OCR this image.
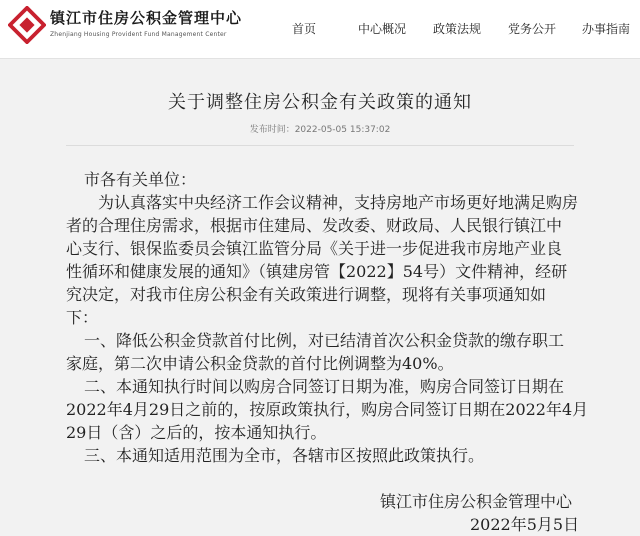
镇江市住房公积金管理中心
Zhenjiang Housing Provident Fund Management Center	首页	中心概况 政策法规 党务公开 办事指南
关于调整住房公积金有关政策的通知
发布时间：2022-05-05 15:37:02
市各有关单位：
为认真落实中央经济工作会议精神，支持房地产市场更好地满足购房
者的合理住房需求，根据市住建局、发改委、财政局、人民银行镇江中
心支行、银保监委员会镇江监管分局《关于进一步促进我市房地产业良
性循环和健康发展的通知》（镇建房管【2022】54号）文件精神，经研
究决定，对我市住房公积金有关政策进行调整，现将有关事项通知如
下：
一、降低公积金贷款首付比例，对已结清首次公积金贷款的缴存职工
家庭，第二次申请公积金贷款的首付比例调整为40%。
二、本通知执行时间以购房合同签订日期为准，购房合同签订日期在
2022年4月29日之前的，按原政策执行，购房合同签订日期在2022年4月
29日（含）之后的，按本通知执行。
三、本通知适用范围为全市，各辖市区按照此政策执行。
镇江市住房公积金管理中心
2022年5月5日
